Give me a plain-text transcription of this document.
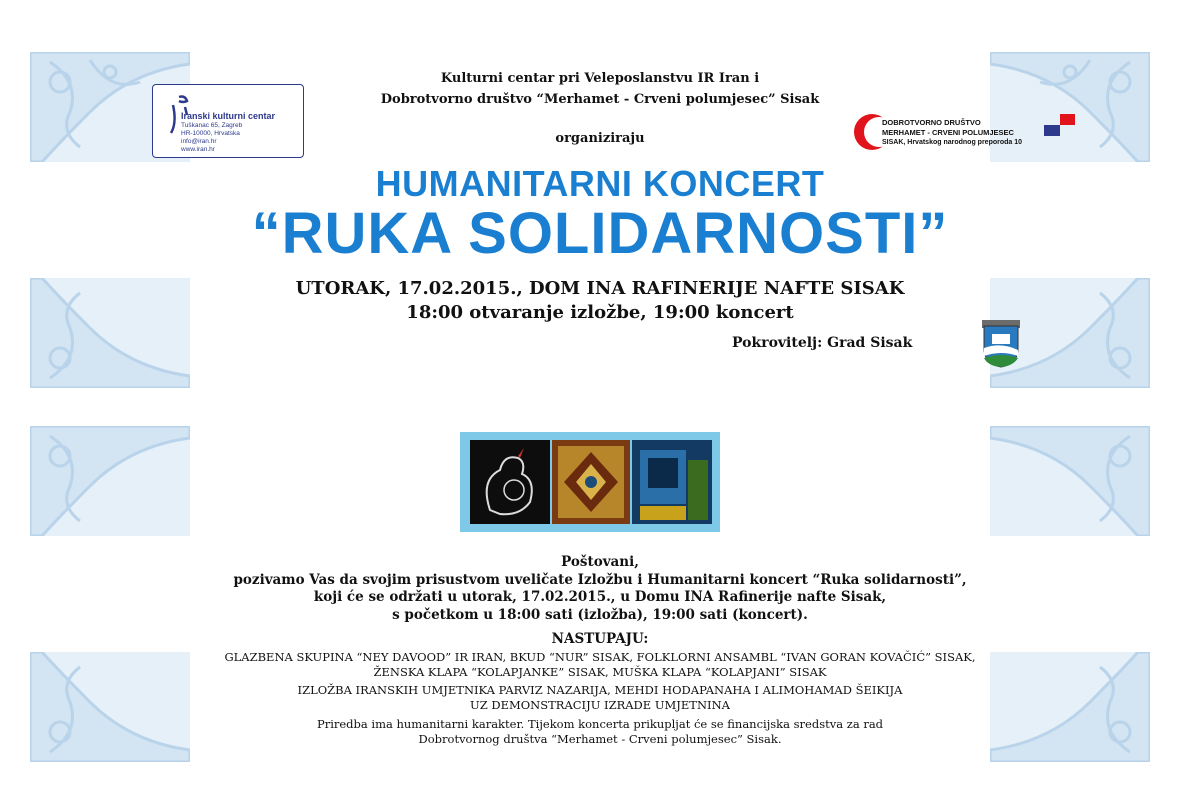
Iranski kulturni centar
Tuškanac 65, Zagreb
HR-10000, Hrvatska
info@iran.hr
www.iran.hr
DOBROTVORNO DRUŠTVO
MERHAMET - CRVENI POLUMJESEC
SISAK, Hrvatskog narodnog preporoda 10
Kulturni centar pri Veleposlanstvu IR Iran i
Dobrotvorno društvo “Merhamet - Crveni polumjesec” Sisak
organiziraju
HUMANITARNI KONCERT
“RUKA SOLIDARNOSTI”
UTORAK, 17.02.2015., DOM INA RAFINERIJE NAFTE SISAK
18:00 otvaranje izložbe, 19:00 koncert
Pokrovitelj: Grad Sisak
Poštovani,
pozivamo Vas da svojim prisustvom uveličate Izložbu i Humanitarni koncert “Ruka solidarnosti”,
koji će se održati u utorak, 17.02.2015., u Domu INA Rafinerije nafte Sisak,
s početkom u 18:00 sati (izložba), 19:00 sati (koncert).
NASTUPAJU:
GLAZBENA SKUPINA “NEY DAVOOD” IR IRAN, BKUD “NUR” SISAK, FOLKLORNI ANSAMBL “IVAN GORAN KOVAČIĆ” SISAK,
ŽENSKA KLAPA “KOLAPJANKE” SISAK, MUŠKA KLAPA “KOLAPJANI” SISAK
IZLOŽBA IRANSKIH UMJETNIKA PARVIZ NAZARIJA, MEHDI HODAPANAHA I ALIMOHAMAD ŠEIKIJA
UZ DEMONSTRACIJU IZRADE UMJETNINA
Priredba ima humanitarni karakter. Tijekom koncerta prikupljat će se financijska sredstva za rad
Dobrotvornog društva “Merhamet - Crveni polumjesec” Sisak.
